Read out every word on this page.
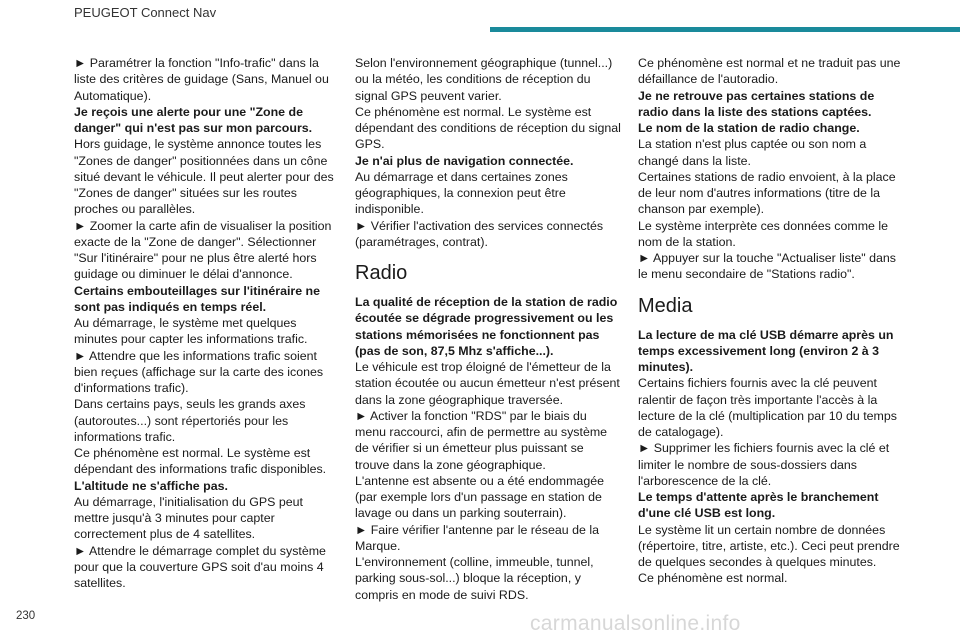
PEUGEOT Connect Nav

► Paramétrer la fonction "Info-trafic" dans la liste des critères de guidage (Sans, Manuel ou Automatique).

Je reçois une alerte pour une "Zone de danger" qui n'est pas sur mon parcours.

Hors guidage, le système annonce toutes les "Zones de danger" positionnées dans un cône situé devant le véhicule. Il peut alerter pour des "Zones de danger" situées sur les routes proches ou parallèles.

► Zoomer la carte afin de visualiser la position exacte de la "Zone de danger". Sélectionner "Sur l'itinéraire" pour ne plus être alerté hors guidage ou diminuer le délai d'annonce.

Certains embouteillages sur l'itinéraire ne sont pas indiqués en temps réel.

Au démarrage, le système met quelques minutes pour capter les informations trafic.

► Attendre que les informations trafic soient bien reçues (affichage sur la carte des icones d'informations trafic).

Dans certains pays, seuls les grands axes (autoroutes...) sont répertoriés pour les informations trafic.

Ce phénomène est normal. Le système est dépendant des informations trafic disponibles.

L'altitude ne s'affiche pas.

Au démarrage, l'initialisation du GPS peut mettre jusqu'à 3 minutes pour capter correctement plus de 4 satellites.

► Attendre le démarrage complet du système pour que la couverture GPS soit d'au moins 4 satellites.

Selon l'environnement géographique (tunnel...) ou la météo, les conditions de réception du signal GPS peuvent varier.

Ce phénomène est normal. Le système est dépendant des conditions de réception du signal GPS.

Je n'ai plus de navigation connectée.

Au démarrage et dans certaines zones géographiques, la connexion peut être indisponible.

► Vérifier l'activation des services connectés (paramétrages, contrat).

Radio

La qualité de réception de la station de radio écoutée se dégrade progressivement ou les stations mémorisées ne fonctionnent pas (pas de son, 87,5 Mhz s'affiche...).

Le véhicule est trop éloigné de l'émetteur de la station écoutée ou aucun émetteur n'est présent dans la zone géographique traversée.

► Activer la fonction "RDS" par le biais du menu raccourci, afin de permettre au système de vérifier si un émetteur plus puissant se trouve dans la zone géographique.

L'antenne est absente ou a été endommagée (par exemple lors d'un passage en station de lavage ou dans un parking souterrain).

► Faire vérifier l'antenne par le réseau de la Marque.

L'environnement (colline, immeuble, tunnel, parking sous-sol...) bloque la réception, y compris en mode de suivi RDS.

Ce phénomène est normal et ne traduit pas une défaillance de l'autoradio.

Je ne retrouve pas certaines stations de radio dans la liste des stations captées.

Le nom de la station de radio change.

La station n'est plus captée ou son nom a changé dans la liste.

Certaines stations de radio envoient, à la place de leur nom d'autres informations (titre de la chanson par exemple).

Le système interprète ces données comme le nom de la station.

► Appuyer sur la touche "Actualiser liste" dans le menu secondaire de "Stations radio".

Media

La lecture de ma clé USB démarre après un temps excessivement long (environ 2 à 3 minutes).

Certains fichiers fournis avec la clé peuvent ralentir de façon très importante l'accès à la lecture de la clé (multiplication par 10 du temps de catalogage).

► Supprimer les fichiers fournis avec la clé et limiter le nombre de sous-dossiers dans l'arborescence de la clé.

Le temps d'attente après le branchement d'une clé USB est long.

Le système lit un certain nombre de données (répertoire, titre, artiste, etc.). Ceci peut prendre de quelques secondes à quelques minutes.

Ce phénomène est normal.

230	carmanualsonline.info
